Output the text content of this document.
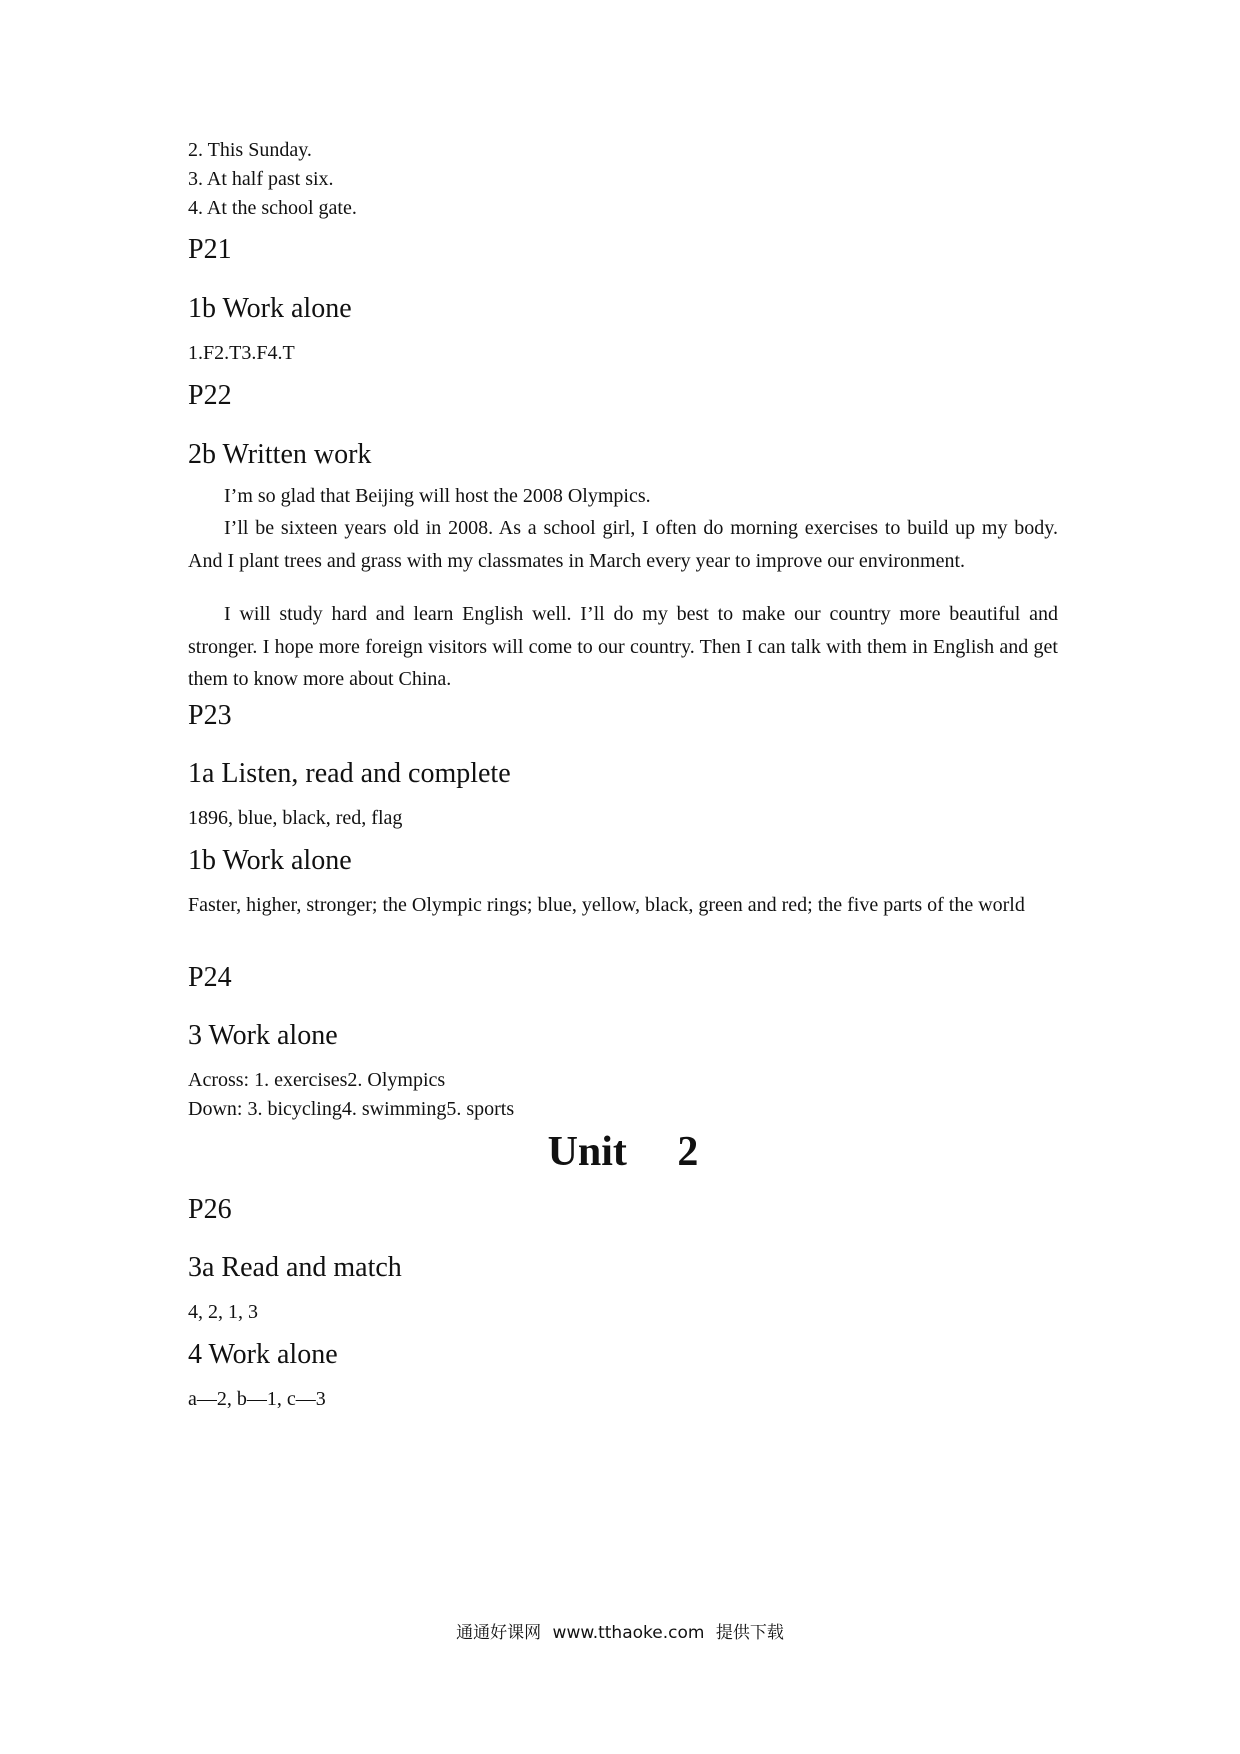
2. This Sunday.
3. At half past six.
4. At the school gate.
P21
1b Work alone
1.F2.T3.F4.T
P22
2b Written work

I’m so glad that Beijing will host the 2008 Olympics.

I’ll be sixteen years old in 2008. As a school girl, I often do morning exercises to build up my body. And I plant trees and grass with my classmates in March every year to improve our environment.

I will study hard and learn English well. I’ll do my best to make our country more beautiful and stronger. I hope more foreign visitors will come to our country. Then I can talk with them in English and get them to know more about China.

P23
1a Listen, read and complete
1896, blue, black, red, flag
1b Work alone

Faster, higher, stronger; the Olympic rings; blue, yellow, black, green and red; the five parts of the world

P24
3 Work alone
Across: 1. exercises2. Olympics
Down: 3. bicycling4. swimming5. sports
Unit 2
P26
3a Read and match
4, 2, 1, 3
4 Work alone
a—2, b—1, c—3
通通好课网 www.tthaoke.com 提供下载
